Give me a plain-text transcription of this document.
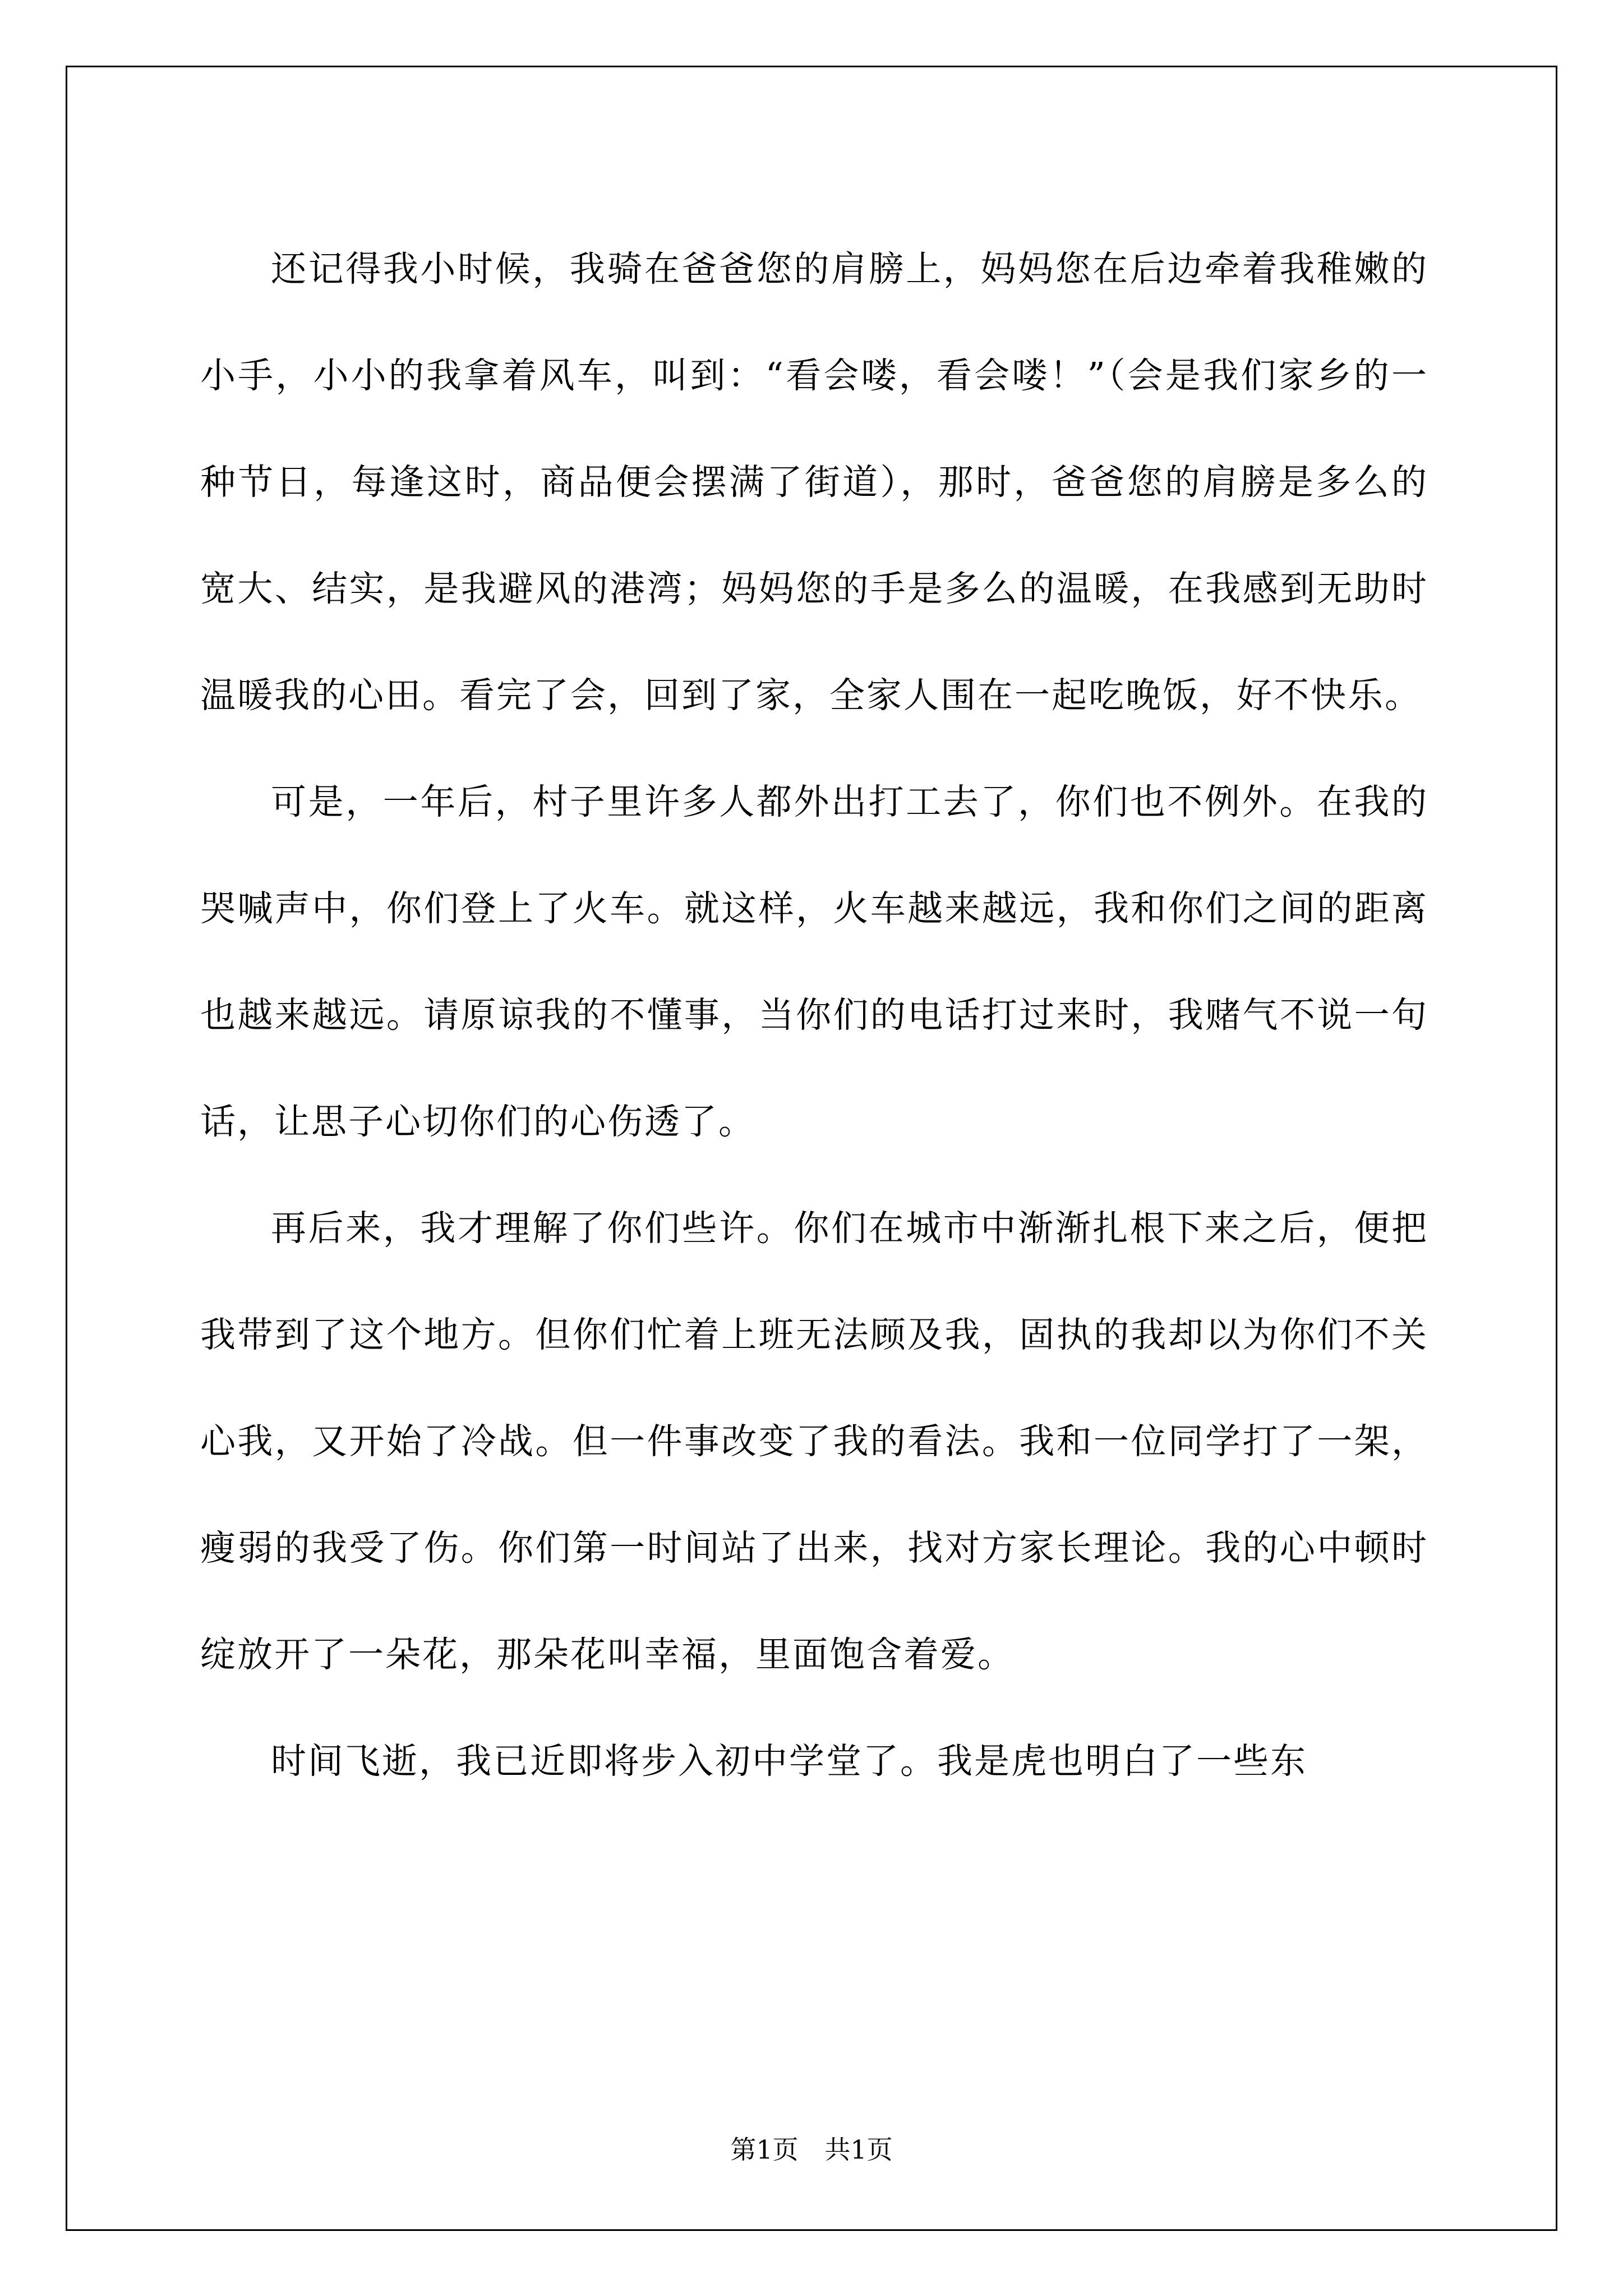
还记得我小时候，我骑在爸爸您的肩膀上，妈妈您在后边牵着我稚嫩的小手，小小的我拿着风车，叫到：“看会喽，看会喽！”（会是我们家乡的一种节日，每逢这时，商品便会摆满了街道），那时，爸爸您的肩膀是多么的宽大、结实，是我避风的港湾；妈妈您的手是多么的温暖，在我感到无助时温暖我的心田。看完了会，回到了家，全家人围在一起吃晚饭，好不快乐。

可是，一年后，村子里许多人都外出打工去了，你们也不例外。在我的哭喊声中，你们登上了火车。就这样，火车越来越远，我和你们之间的距离也越来越远。请原谅我的不懂事，当你们的电话打过来时，我赌气不说一句话，让思子心切你们的心伤透了。

再后来，我才理解了你们些许。你们在城市中渐渐扎根下来之后，便把我带到了这个地方。但你们忙着上班无法顾及我，固执的我却以为你们不关心我，又开始了冷战。但一件事改变了我的看法。我和一位同学打了一架，瘦弱的我受了伤。你们第一时间站了出来，找对方家长理论。我的心中顿时绽放开了一朵花，那朵花叫幸福，里面饱含着爱。

时间飞逝，我已近即将步入初中学堂了。我是虎也明白了一些东

第1页 共1页
